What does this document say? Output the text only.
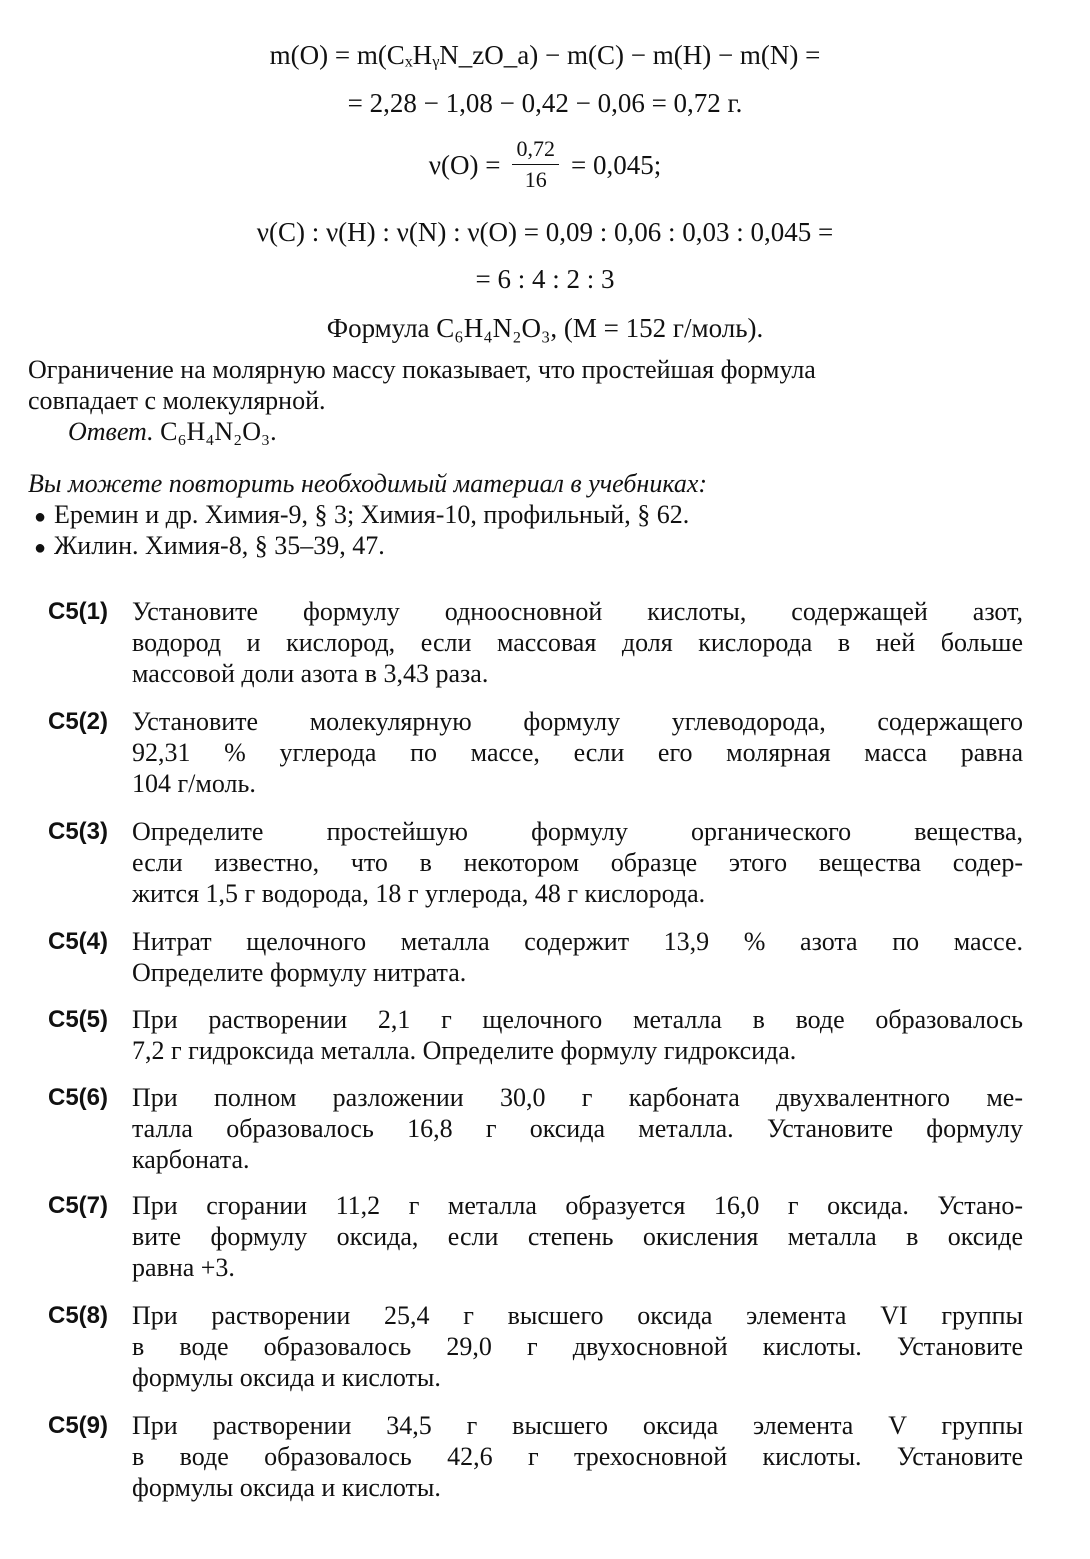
m(O) = m(CₓHᵧN_zO_a) − m(C) − m(H) − m(N) =
= 2,28 − 1,08 − 0,42 − 0,06 = 0,72 г.
$\nu(O) = \frac{0,72}{16} = 0,045$;
ν(C) : ν(H) : ν(N) : ν(O) = 0,09 : 0,06 : 0,03 : 0,045 =
= 6 : 4 : 2 : 3
Формула C₆H₄N₂O₃, (M = 152 г/моль).
Ограничение на молярную массу показывает, что простейшая формула
совпадает с молекулярной.
Ответ. C₆H₄N₂O₃.
Вы можете повторить необходимый материал в учебниках:
● Еремин и др. Химия-9, § 3; Химия-10, профильный, § 62.
● Жилин. Химия-8, § 35–39, 47.
C5(1) Установите формулу одноосновной кислоты, содержащей азот,
водород и кислород, если массовая доля кислорода в ней больше
массовой доли азота в 3,43 раза.
C5(2) Установите молекулярную формулу углеводорода, содержащего
92,31 % углерода по массе, если его молярная масса равна
104 г/моль.
C5(3) Определите простейшую формулу органического вещества,
если известно, что в некотором образце этого вещества содер-
жится 1,5 г водорода, 18 г углерода, 48 г кислорода.
C5(4) Нитрат щелочного металла содержит 13,9 % азота по массе.
Определите формулу нитрата.
C5(5) При растворении 2,1 г щелочного металла в воде образовалось
7,2 г гидроксида металла. Определите формулу гидроксида.
C5(6) При полном разложении 30,0 г карбоната двухвалентного ме-
талла образовалось 16,8 г оксида металла. Установите формулу
карбоната.
C5(7) При сгорании 11,2 г металла образуется 16,0 г оксида. Устано-
вите формулу оксида, если степень окисления металла в оксиде
равна +3.
C5(8) При растворении 25,4 г высшего оксида элемента VI группы
в воде образовалось 29,0 г двухосновной кислоты. Установите
формулы оксида и кислоты.
C5(9) При растворении 34,5 г высшего оксида элемента V группы
в воде образовалось 42,6 г трехосновной кислоты. Установите
формулы оксида и кислоты.
